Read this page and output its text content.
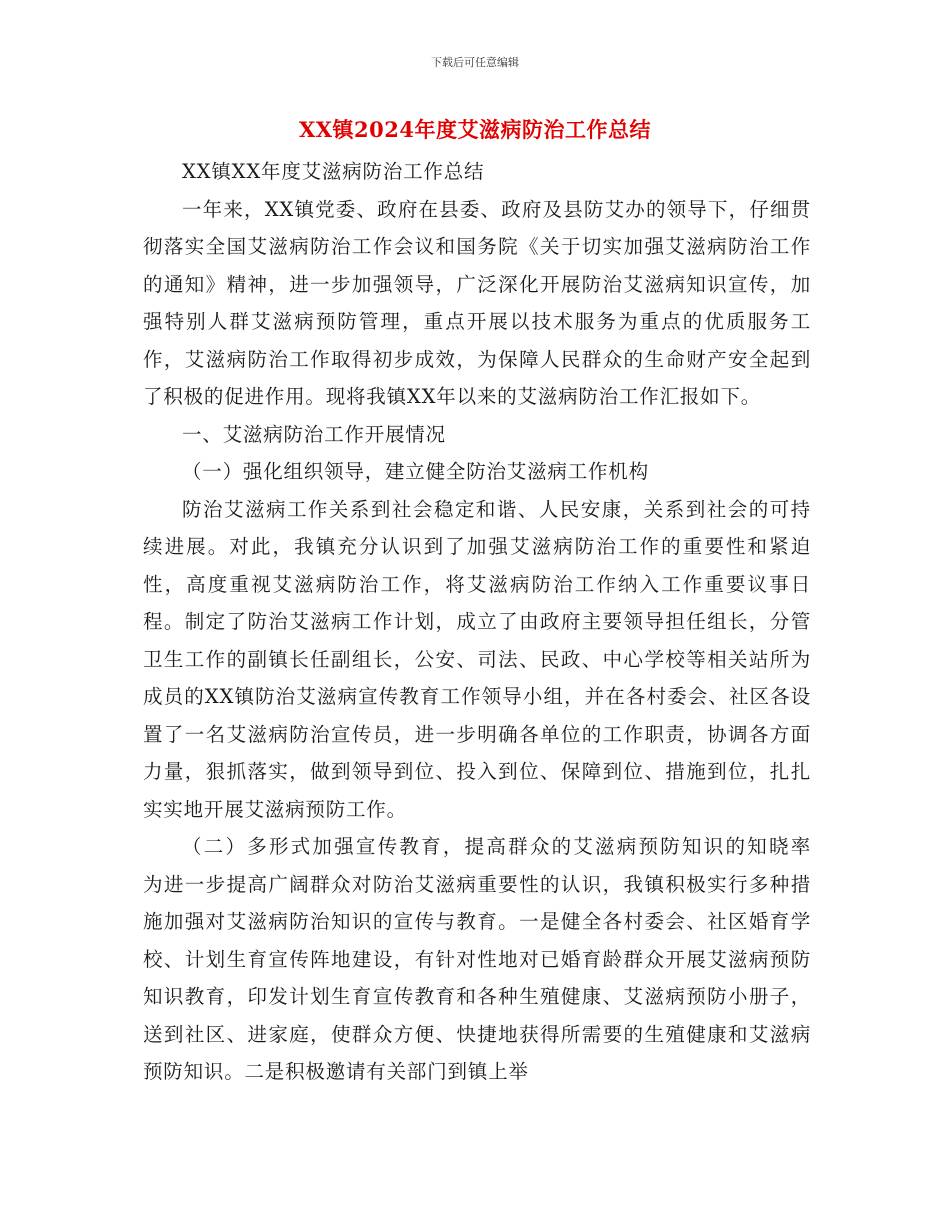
下载后可任意编辑
XX镇2024年度艾滋病防治工作总结

XX镇XX年度艾滋病防治工作总结

一年来，XX镇党委、政府在县委、政府及县防艾办的领导下，仔细贯彻落实全国艾滋病防治工作会议和国务院《关于切实加强艾滋病防治工作的通知》精神，进一步加强领导，广泛深化开展防治艾滋病知识宣传，加强特别人群艾滋病预防管理，重点开展以技术服务为重点的优质服务工作，艾滋病防治工作取得初步成效，为保障人民群众的生命财产安全起到了积极的促进作用。现将我镇XX年以来的艾滋病防治工作汇报如下。

一、艾滋病防治工作开展情况

（一）强化组织领导，建立健全防治艾滋病工作机构

防治艾滋病工作关系到社会稳定和谐、人民安康，关系到社会的可持续进展。对此，我镇充分认识到了加强艾滋病防治工作的重要性和紧迫性，高度重视艾滋病防治工作，将艾滋病防治工作纳入工作重要议事日程。制定了防治艾滋病工作计划，成立了由政府主要领导担任组长，分管卫生工作的副镇长任副组长，公安、司法、民政、中心学校等相关站所为成员的XX镇防治艾滋病宣传教育工作领导小组，并在各村委会、社区各设置了一名艾滋病防治宣传员，进一步明确各单位的工作职责，协调各方面力量，狠抓落实，做到领导到位、投入到位、保障到位、措施到位，扎扎实实地开展艾滋病预防工作。

（二）多形式加强宣传教育，提高群众的艾滋病预防知识的知晓率　　为进一步提高广阔群众对防治艾滋病重要性的认识，我镇积极实行多种措施加强对艾滋病防治知识的宣传与教育。一是健全各村委会、社区婚育学校、计划生育宣传阵地建设，有针对性地对已婚育龄群众开展艾滋病预防知识教育，印发计划生育宣传教育和各种生殖健康、艾滋病预防小册子，送到社区、进家庭，使群众方便、快捷地获得所需要的生殖健康和艾滋病预防知识。二是积极邀请有关部门到镇上举
